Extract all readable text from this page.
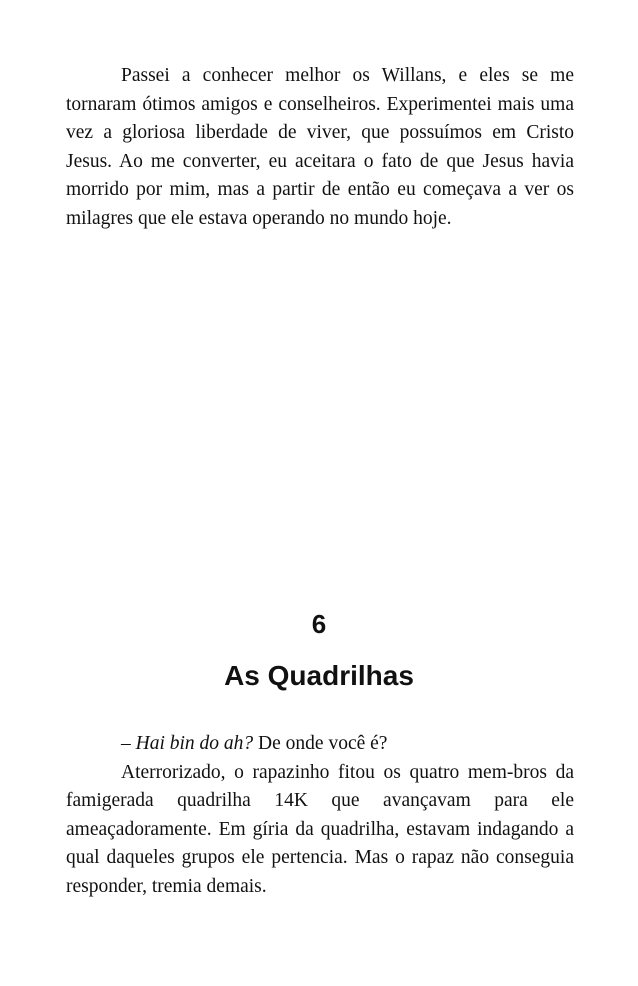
Passei a conhecer melhor os Willans, e eles se me tornaram ótimos amigos e conselheiros. Experimentei mais uma vez a gloriosa liberdade de viver, que possuímos em Cristo Jesus. Ao me converter, eu aceitara o fato de que Jesus havia morrido por mim, mas a partir de então eu começava a ver os milagres que ele estava operando no mundo hoje.

6
As Quadrilhas

– Hai bin do ah? De onde você é?

Aterrorizado, o rapazinho fitou os quatro mem-bros da famigerada quadrilha 14K que avançavam para ele ameaçadoramente. Em gíria da quadrilha, estavam indagando a qual daqueles grupos ele pertencia. Mas o rapaz não conseguia responder, tremia demais.
